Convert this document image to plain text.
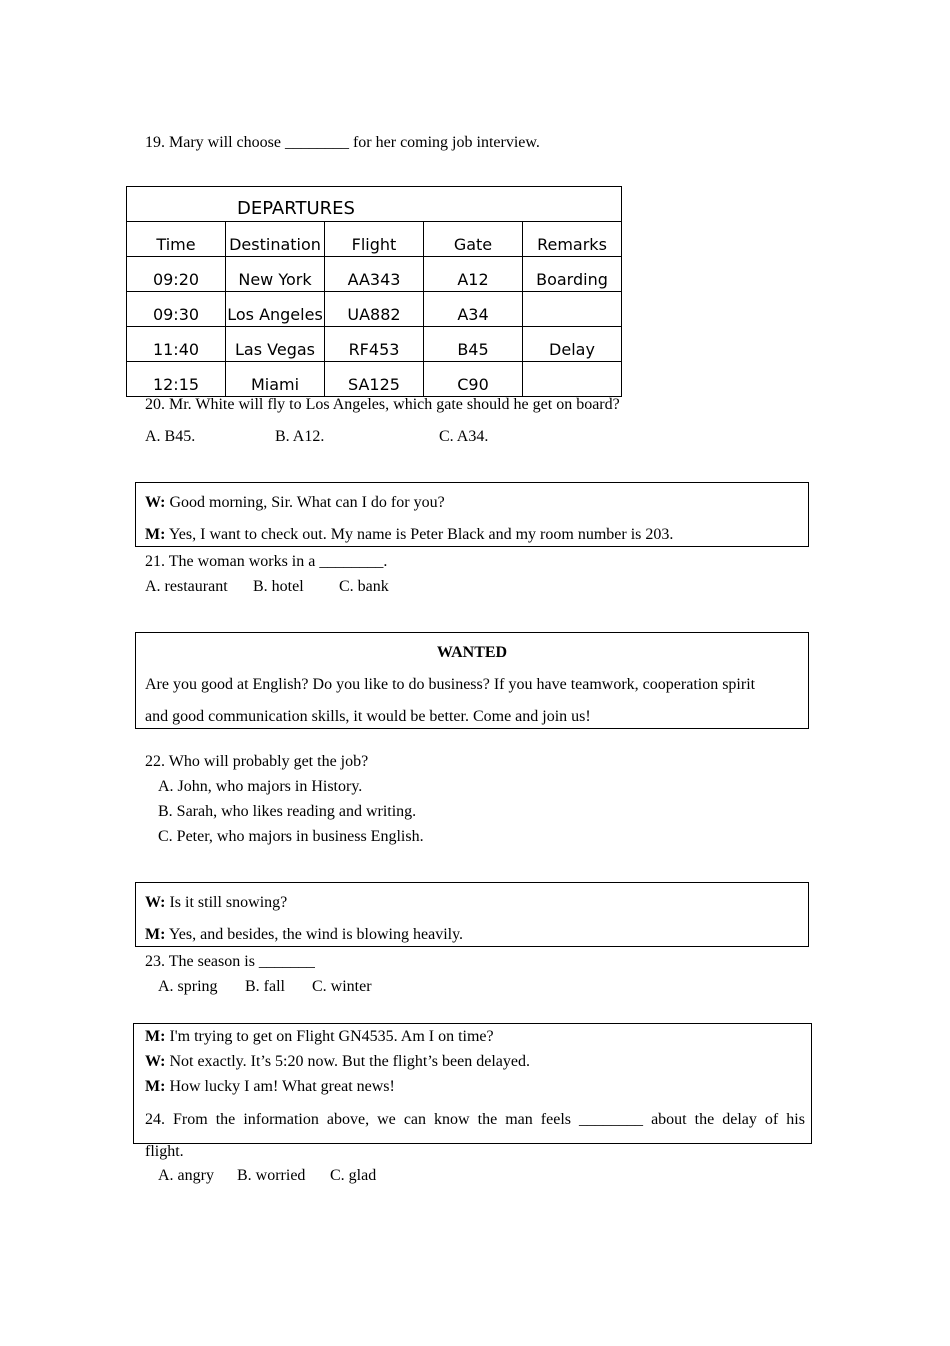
19. Mary will choose ________ for her coming job interview.
DEPARTURES				
Time	Destination	Flight	Gate	Remarks
09:20	New York	AA343	A12	Boarding
09:30	Los Angeles	UA882	A34	
11:40	Las Vegas	RF453	B45	Delay
12:15	Miami	SA125	C90	
20. Mr. White will fly to Los Angeles, which gate should he get on board?
A. B45.	B. A12.	C. A34.
W: Good morning, Sir. What can I do for you?
M: Yes, I want to check out. My name is Peter Black and my room number is 203.
21. The woman works in a ________.
A. restaurant B. hotel C. bank
WANTED
Are you good at English? Do you like to do business? If you have teamwork, cooperation spirit
and good communication skills, it would be better. Come and join us!
22. Who will probably get the job?
A. John, who majors in History.
B. Sarah, who likes reading and writing.
C. Peter, who majors in business English.
W: Is it still snowing?
M: Yes, and besides, the wind is blowing heavily.
23. The season is _______
A. spring B. fall C. winter
M: I'm trying to get on Flight GN4535. Am I on time?
W: Not exactly. It’s 5:20 now. But the flight’s been delayed.
M: How lucky I am! What great news!
24. From the information above, we can know the man feels ________ about the delay of his
flight.
A. angry B. worried C. glad
